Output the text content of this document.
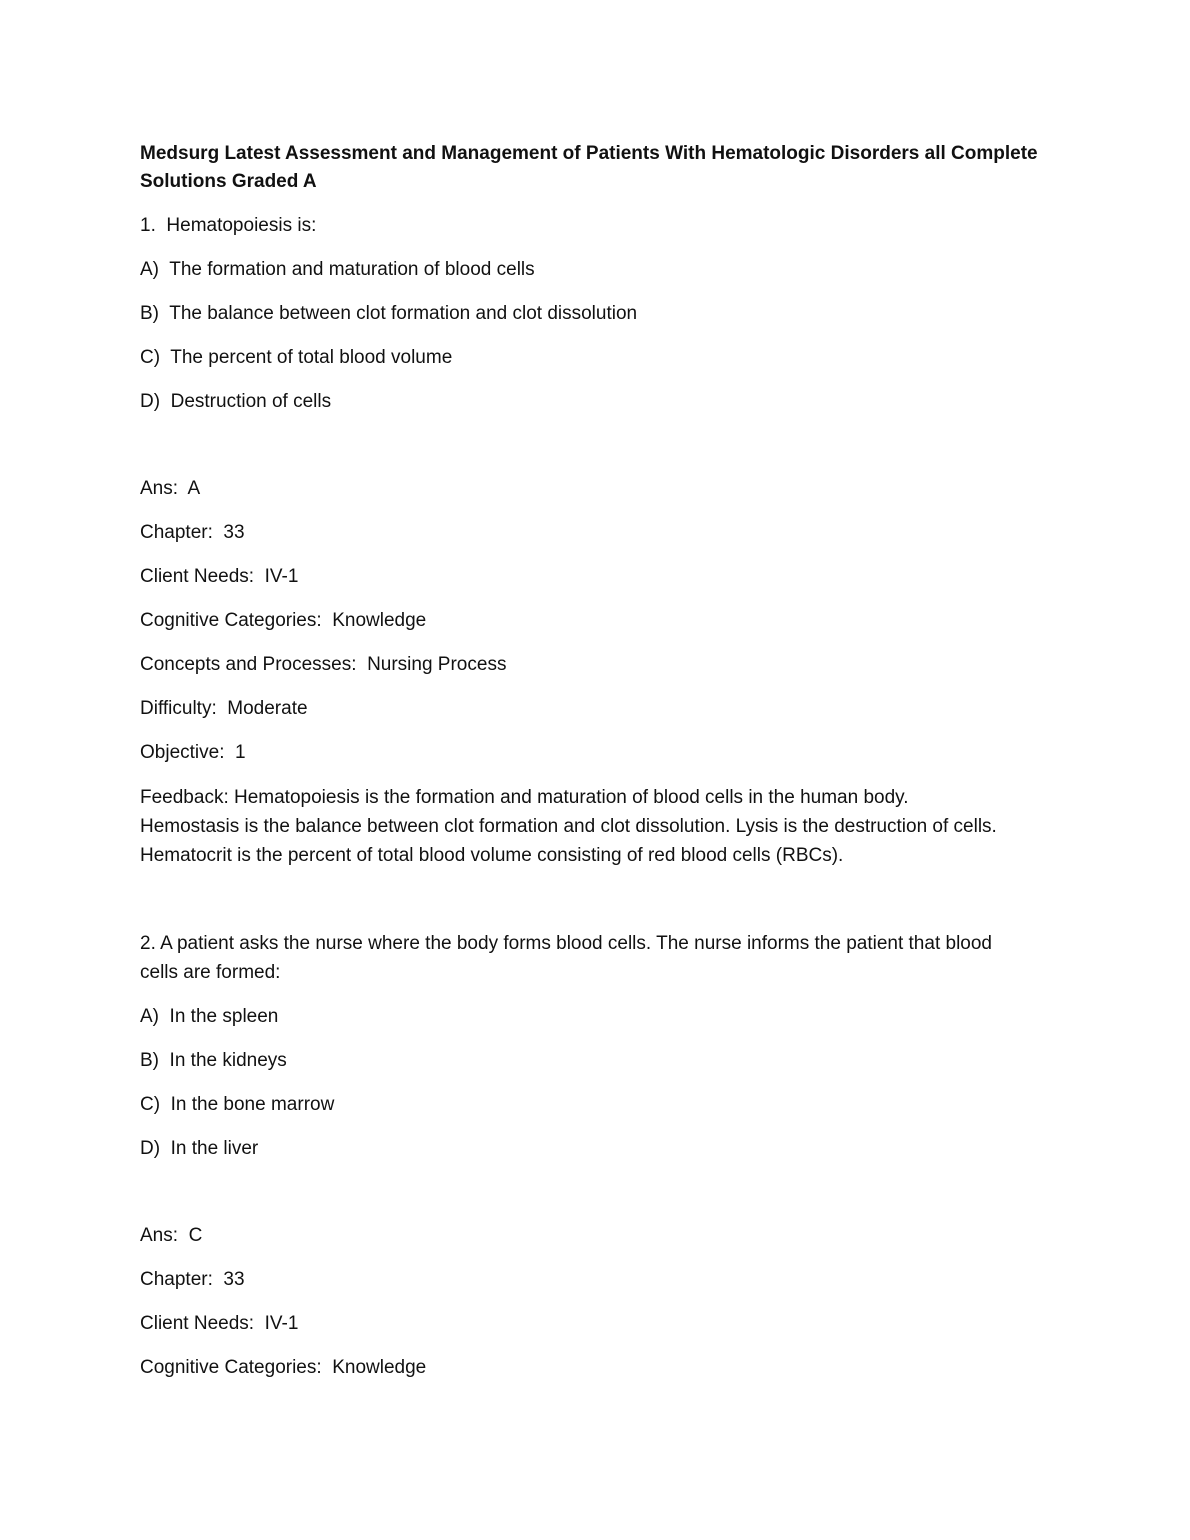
Medsurg Latest Assessment and Management of Patients With Hematologic Disorders all Complete Solutions Graded A
1.  Hematopoiesis is:
A)  The formation and maturation of blood cells
B)  The balance between clot formation and clot dissolution
C)  The percent of total blood volume
D)  Destruction of cells
Ans:  A
Chapter:  33
Client Needs:  IV-1
Cognitive Categories:  Knowledge
Concepts and Processes:  Nursing Process
Difficulty:  Moderate
Objective:  1
Feedback: Hematopoiesis is the formation and maturation of blood cells in the human body.
Hemostasis is the balance between clot formation and clot dissolution. Lysis is the destruction of cells.
Hematocrit is the percent of total blood volume consisting of red blood cells (RBCs).
2. A patient asks the nurse where the body forms blood cells. The nurse informs the patient that blood
cells are formed:
A)  In the spleen
B)  In the kidneys
C)  In the bone marrow
D)  In the liver
Ans:  C
Chapter:  33
Client Needs:  IV-1
Cognitive Categories:  Knowledge
